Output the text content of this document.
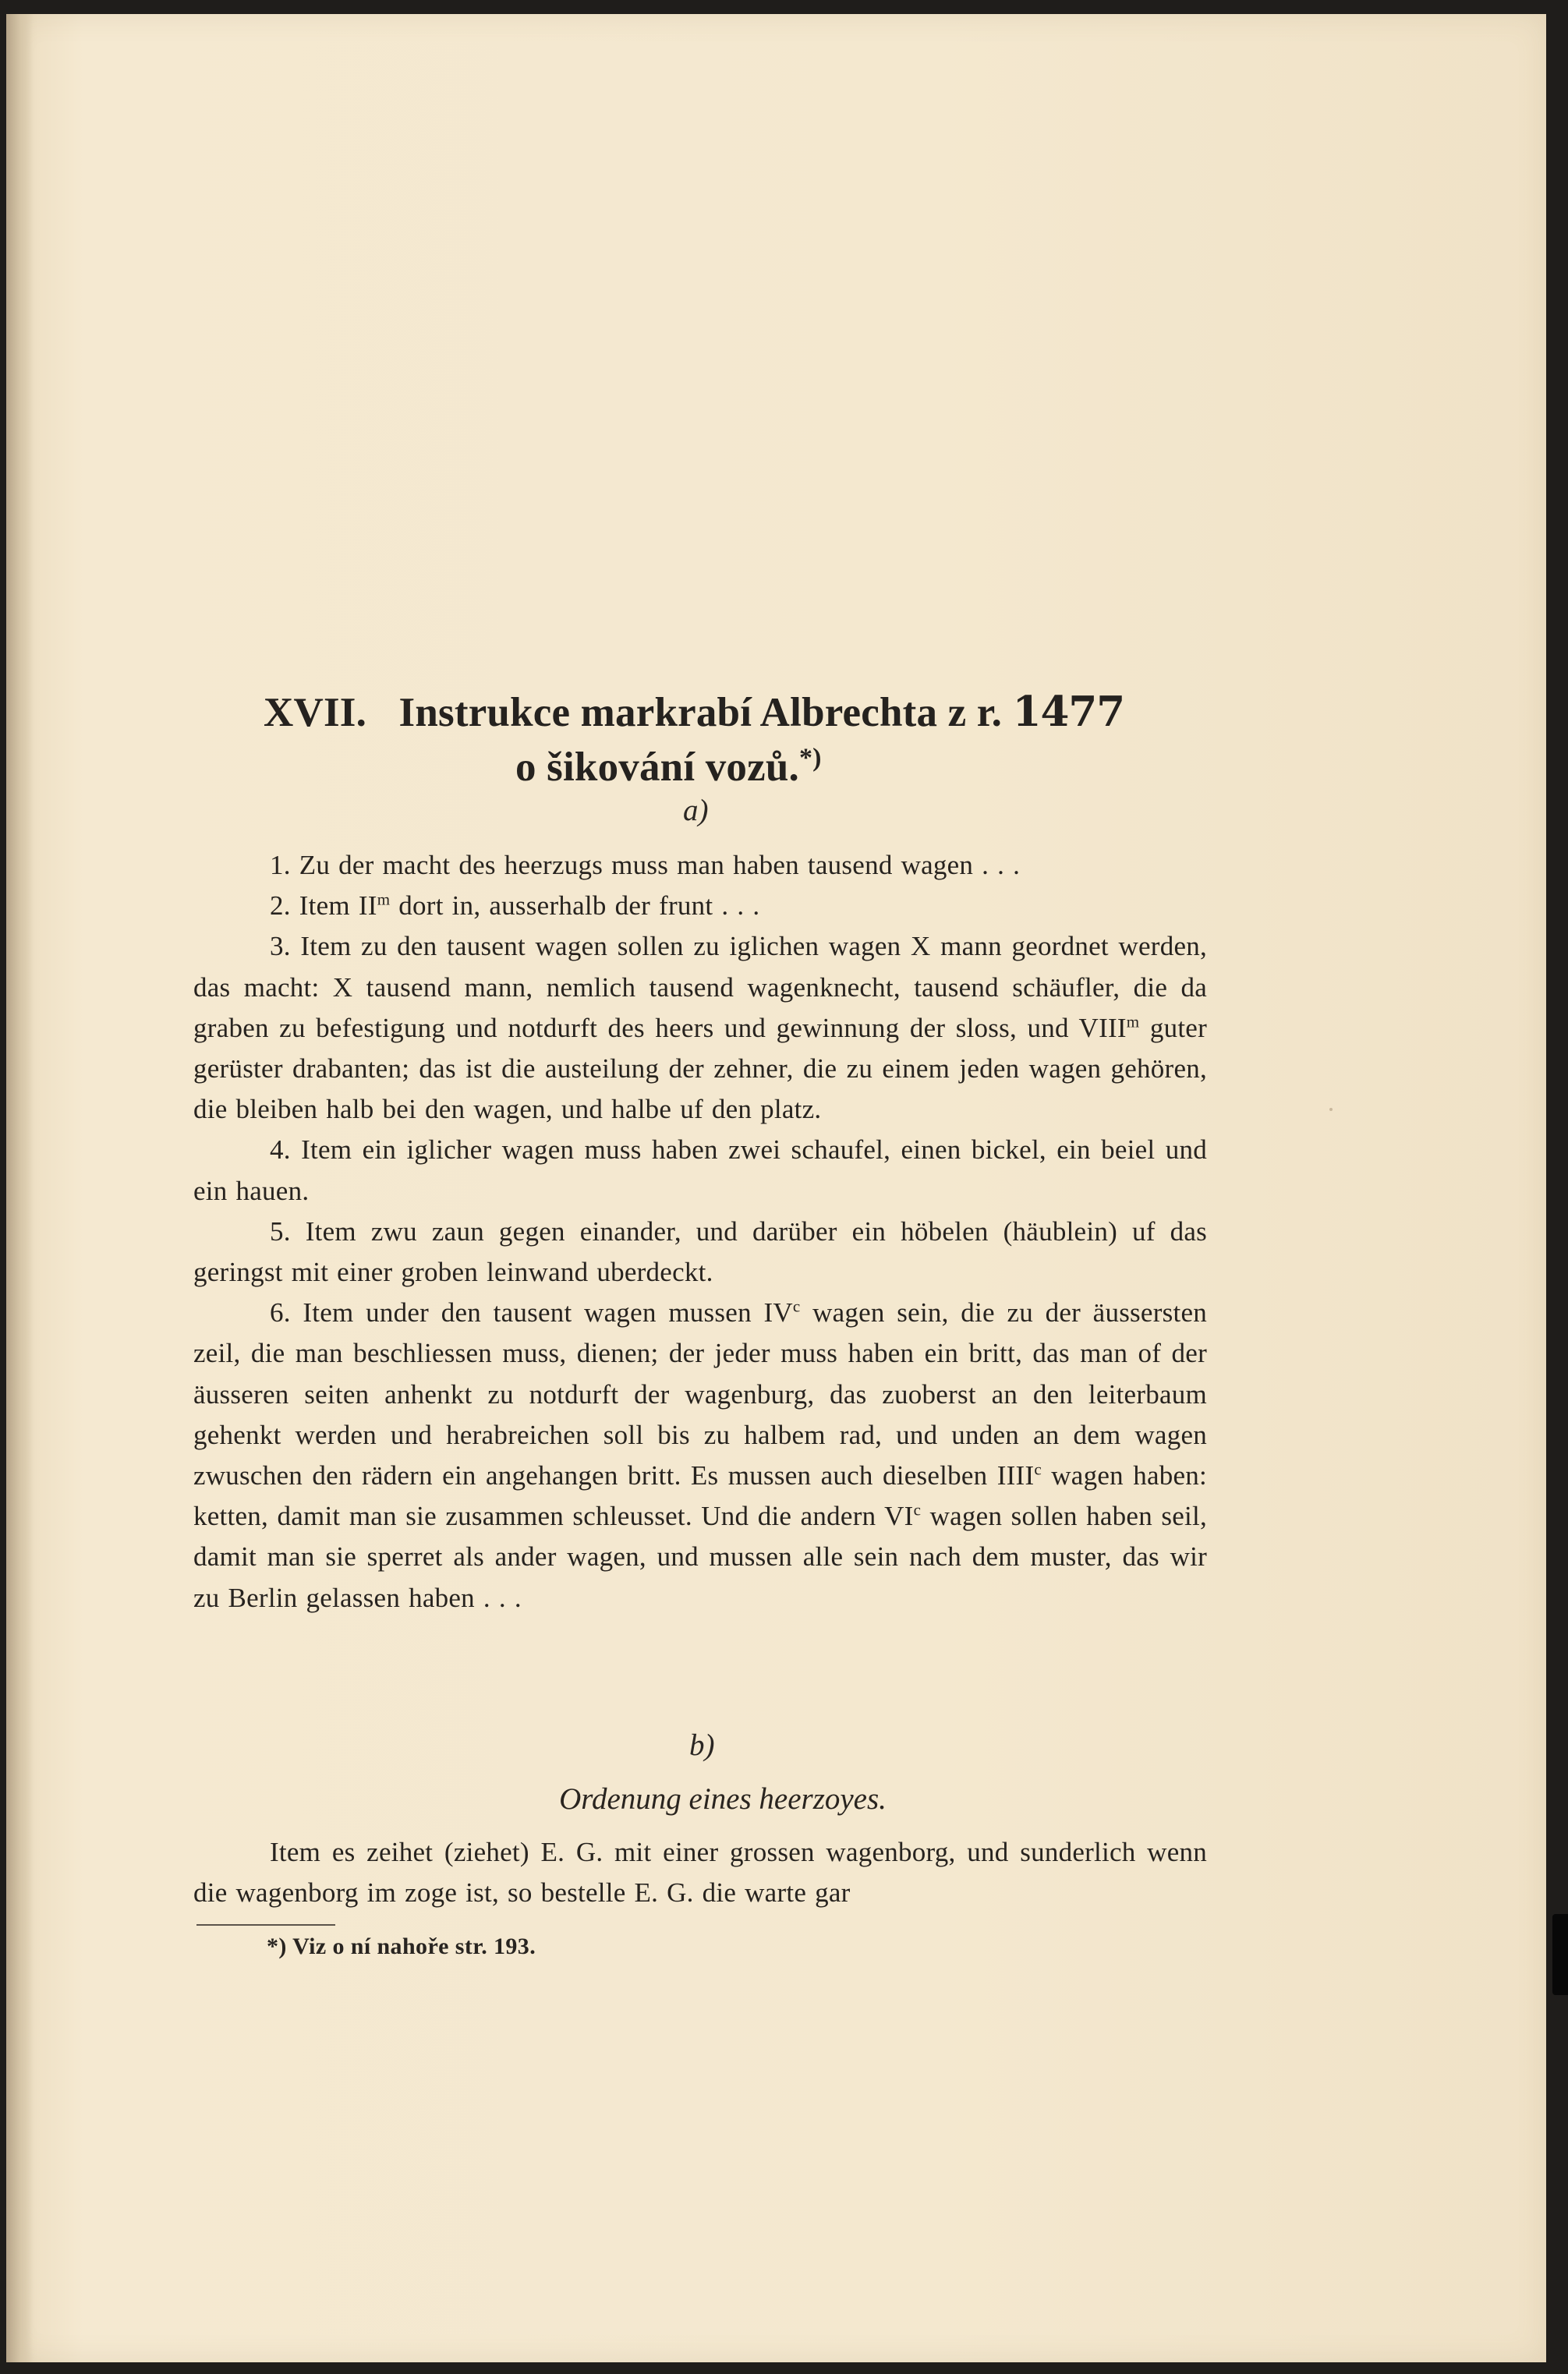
XVII. Instrukce markrabí Albrechta z r. 1477
o šikování vozů.*)
a)

1. Zu der macht des heerzugs muss man haben tausend wagen . . .

2. Item $II^m$ dort in, ausserhalb der frunt . . .

3. Item zu den tausent wagen sollen zu iglichen wagen X mann geordnet werden, das macht: X tausend mann, nemlich tausend wagenknecht, tausend schäufler, die da graben zu befestigung und notdurft des heers und gewinnung der sloss, und VIII$^m$ guter gerüster drabanten; das ist die austeilung der zehner, die zu einem jeden wagen gehören, die bleiben halb bei den wagen, und halbe uf den platz.

4. Item ein iglicher wagen muss haben zwei schaufel, einen bickel, ein beiel und ein hauen.

5. Item zwu zaun gegen einander, und darüber ein höbelen (häublein) uf das geringst mit einer groben leinwand uberdeckt.

6. Item under den tausent wagen mussen $IV^c$ wagen sein, die zu der äussersten zeil, die man beschliessen muss, dienen; der jeder muss haben ein britt, das man of der äusseren seiten anhenkt zu notdurft der wagenburg, das zuoberst an den leiterbaum gehenkt werden und herabreichen soll bis zu halbem rad, und unden an dem wagen zwuschen den rädern ein angehangen britt. Es mussen auch dieselben IIII$^c$ wagen haben: ketten, damit man sie zusammen schleusset. Und die andern $VI^c$ wagen sollen haben seil, damit man sie sperret als ander wagen, und mussen alle sein nach dem muster, das wir zu Berlin gelassen haben . . .

b)
Ordenung eines heerzoyes.

Item es zeihet (ziehet) E. G. mit einer grossen wagenborg, und sunderlich wenn die wagenborg im zoge ist, so bestelle E. G. die warte gar

*) Viz o ní nahoře str. 193.
